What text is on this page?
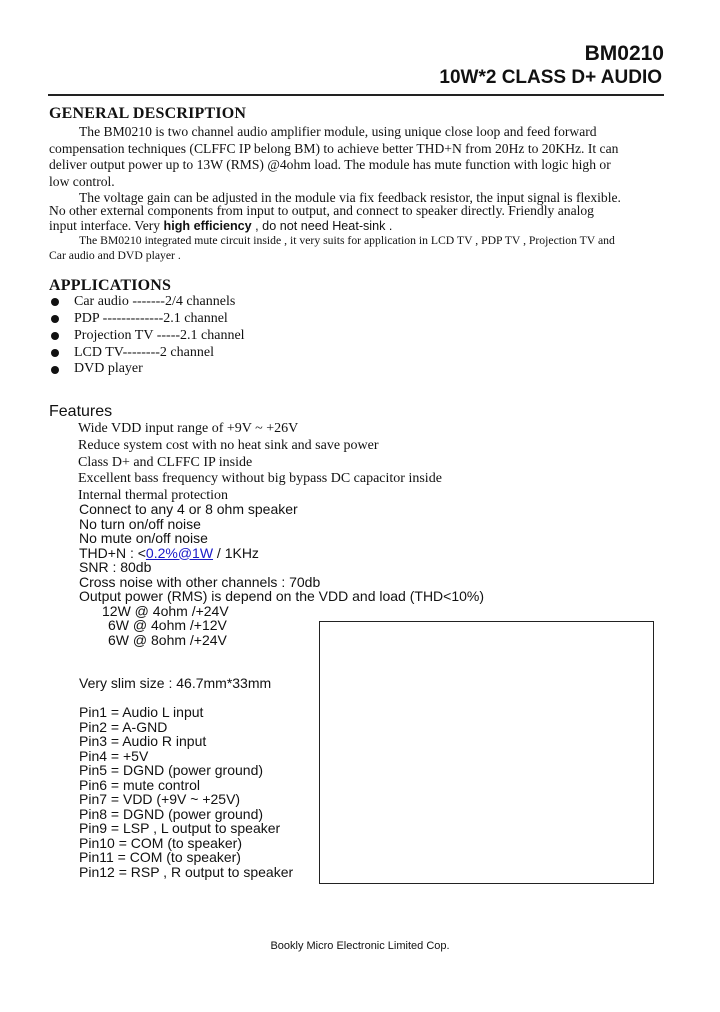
BM0210
10W*2 CLASS D+ AUDIO
GENERAL DESCRIPTION
The BM0210 is two channel audio amplifier module, using unique close loop and feed forward
compensation techniques (CLFFC IP belong BM) to achieve better THD+N from 20Hz to 20KHz. It can
deliver output power up to 13W (RMS) @4ohm load. The module has mute function with logic high or
low control.
The voltage gain can be adjusted in the module via fix feedback resistor, the input signal is flexible.
No other external components from input to output, and connect to speaker directly. Friendly analog
input interface. Very high efficiency , do not need Heat-sink .
The BM0210 integrated mute circuit inside , it very suits for application in LCD TV , PDP TV , Projection TV and
Car audio and DVD player .
APPLICATIONS
Car audio -------2/4 channels
PDP -------------2.1 channel
Projection TV -----2.1 channel
LCD TV--------2 channel
DVD player
Features
Wide VDD input range of +9V ~ +26V
Reduce system cost with no heat sink and save power
Class D+ and CLFFC IP inside
Excellent bass frequency without big bypass DC capacitor inside
Internal thermal protection
Connect to any 4 or 8 ohm speaker
No turn on/off noise
No mute on/off noise
THD+N : <0.2%@1W / 1KHz
SNR : 80db
Cross noise with other channels : 70db
Output power (RMS) is depend on the VDD and load (THD<10%)
12W @ 4ohm /+24V
6W @ 4ohm /+12V
6W @ 8ohm /+24V
Very slim size : 46.7mm*33mm
Pin1 = Audio L input
Pin2 = A-GND
Pin3 = Audio R input
Pin4 = +5V
Pin5 = DGND (power ground)
Pin6 = mute control
Pin7 = VDD (+9V ~ +25V)
Pin8 = DGND (power ground)
Pin9 = LSP , L output to speaker
Pin10 = COM (to speaker)
Pin11 = COM (to speaker)
Pin12 = RSP , R output to speaker
Bookly Micro Electronic Limited Cop.
